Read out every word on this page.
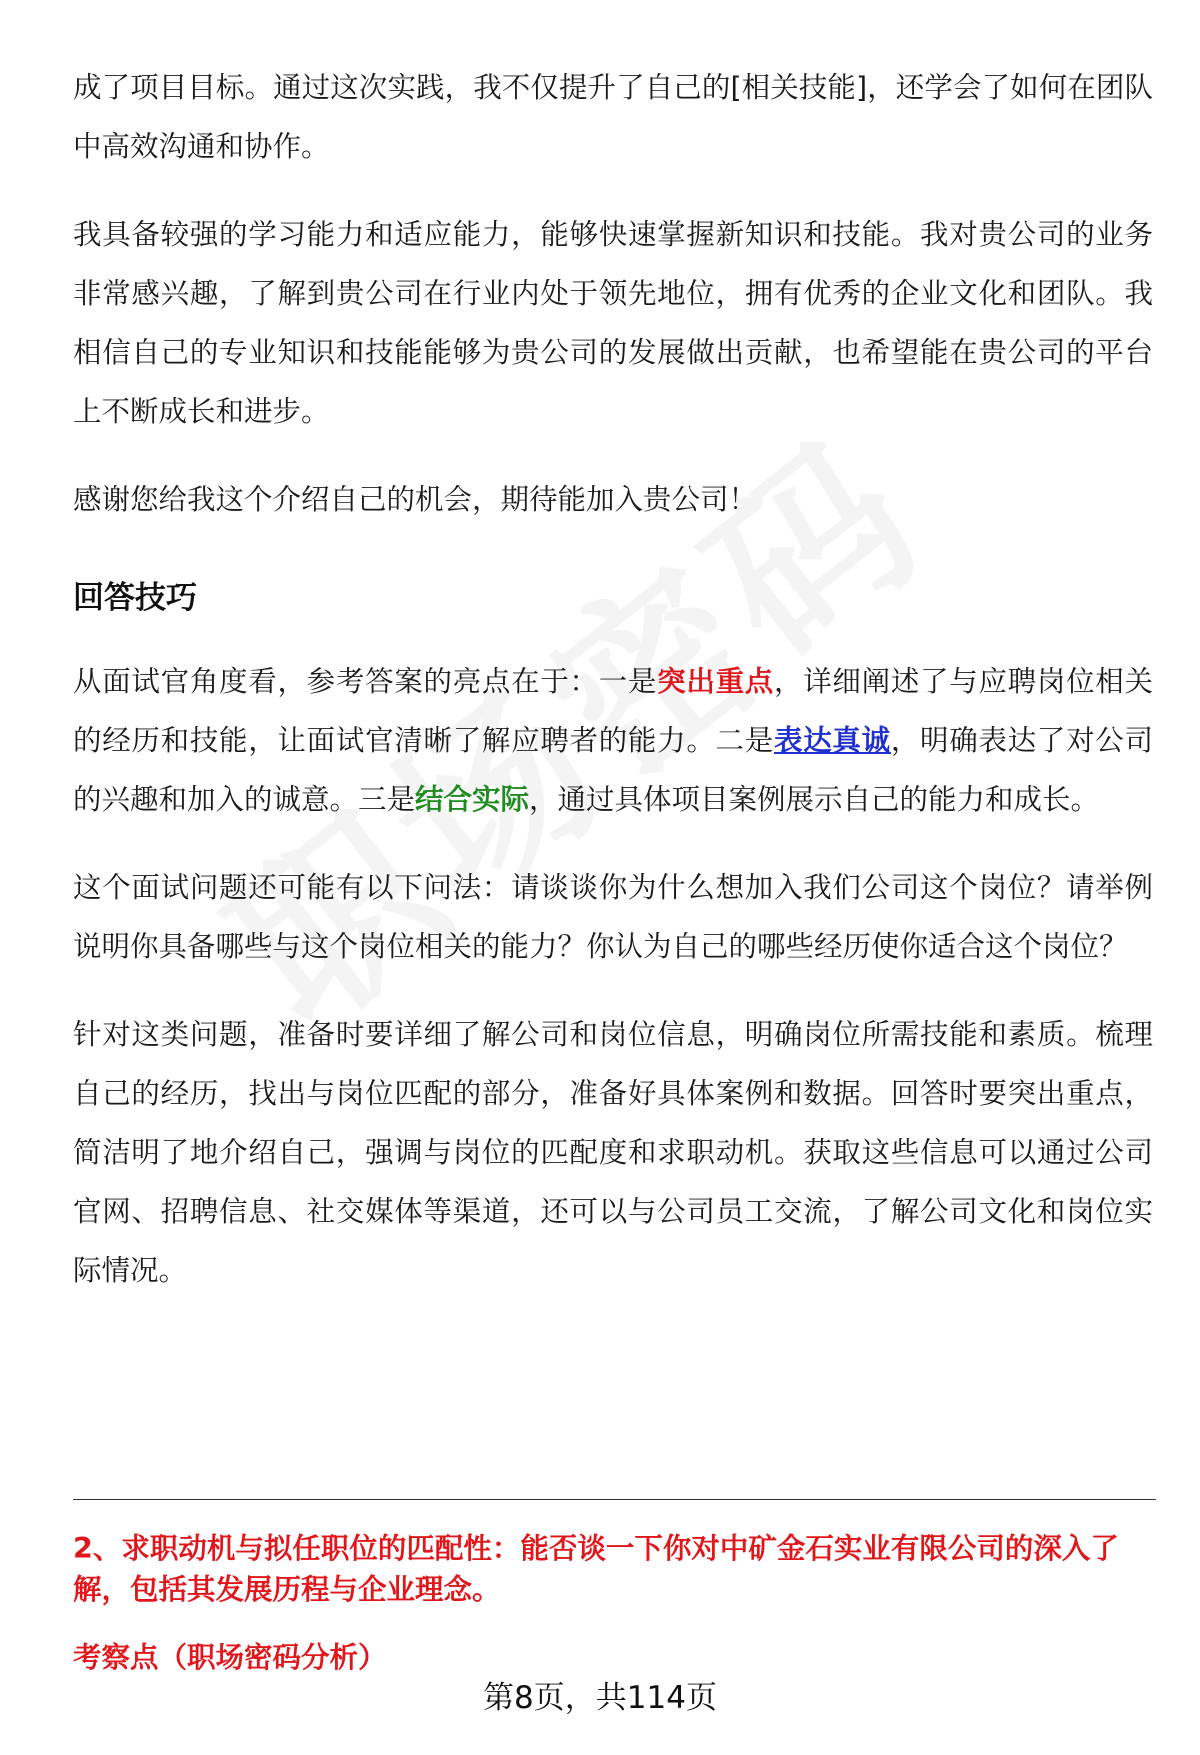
成了项目目标。通过这次实践，我不仅提升了自己的[相关技能]，还学会了如何在团队中高效沟通和协作。

我具备较强的学习能力和适应能力，能够快速掌握新知识和技能。我对贵公司的业务非常感兴趣，了解到贵公司在行业内处于领先地位，拥有优秀的企业文化和团队。我相信自己的专业知识和技能能够为贵公司的发展做出贡献，也希望能在贵公司的平台上不断成长和进步。

感谢您给我这个介绍自己的机会，期待能加入贵公司！

回答技巧

从面试官角度看，参考答案的亮点在于：一是突出重点，详细阐述了与应聘岗位相关的经历和技能，让面试官清晰了解应聘者的能力。二是表达真诚，明确表达了对公司的兴趣和加入的诚意。三是结合实际，通过具体项目案例展示自己的能力和成长。

这个面试问题还可能有以下问法：请谈谈你为什么想加入我们公司这个岗位？请举例说明你具备哪些与这个岗位相关的能力？你认为自己的哪些经历使你适合这个岗位？

针对这类问题，准备时要详细了解公司和岗位信息，明确岗位所需技能和素质。梳理自己的经历，找出与岗位匹配的部分，准备好具体案例和数据。回答时要突出重点，简洁明了地介绍自己，强调与岗位的匹配度和求职动机。获取这些信息可以通过公司官网、招聘信息、社交媒体等渠道，还可以与公司员工交流，了解公司文化和岗位实际情况。

2、求职动机与拟任职位的匹配性：能否谈一下你对中矿金石实业有限公司的深入了解，包括其发展历程与企业理念。

考察点（职场密码分析）

第8页，共114页
